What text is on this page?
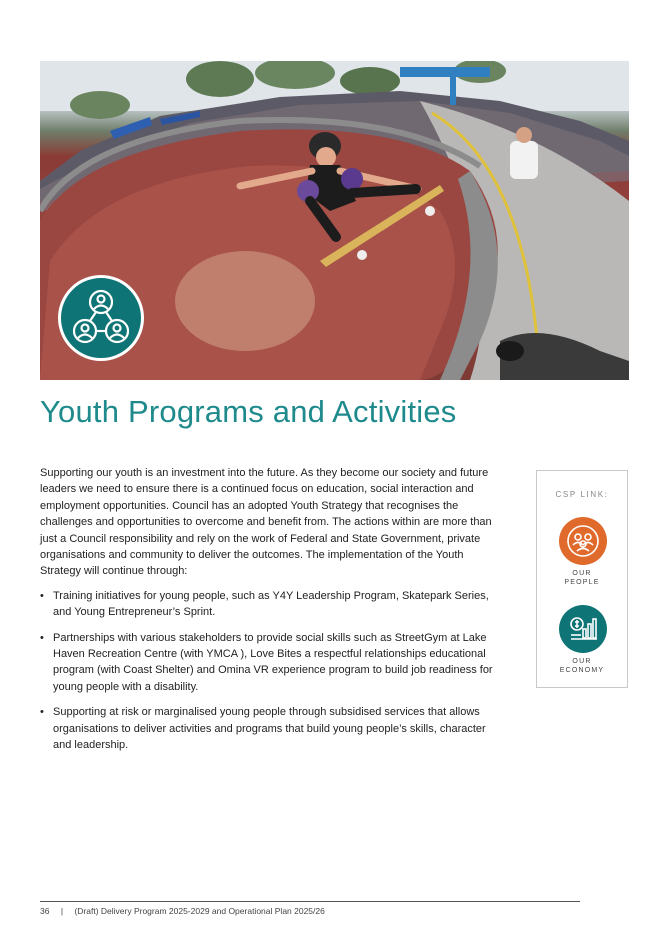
Youth Programs and Activities

Supporting our youth is an investment into the future. As they become our society and future leaders we need to ensure there is a continued focus on education, social interaction and employment opportunities. Council has an adopted Youth Strategy that recognises the challenges and opportunities to overcome and benefit from. The actions within are more than just a Council responsibility and rely on the work of Federal and State Government, private organisations and community to deliver the outcomes. The implementation of the Youth Strategy will continue through:

• Training initiatives for young people, such as Y4Y Leadership Program, Skatepark Series, and Young Entrepreneur’s Sprint.
• Partnerships with various stakeholders to provide social skills such as StreetGym at Lake Haven Recreation Centre (with YMCA ), Love Bites a respectful relationships educational program (with Coast Shelter) and Omina VR experience program to build job readiness for young people with a disability.
• Supporting at risk or marginalised young people through subsidised services that allows organisations to deliver activities and programs that build young people’s skills, character and leadership.
CSP LINK:
OUR
PEOPLE
OUR
ECONOMY
36 | (Draft) Delivery Program 2025-2029 and Operational Plan 2025/26
